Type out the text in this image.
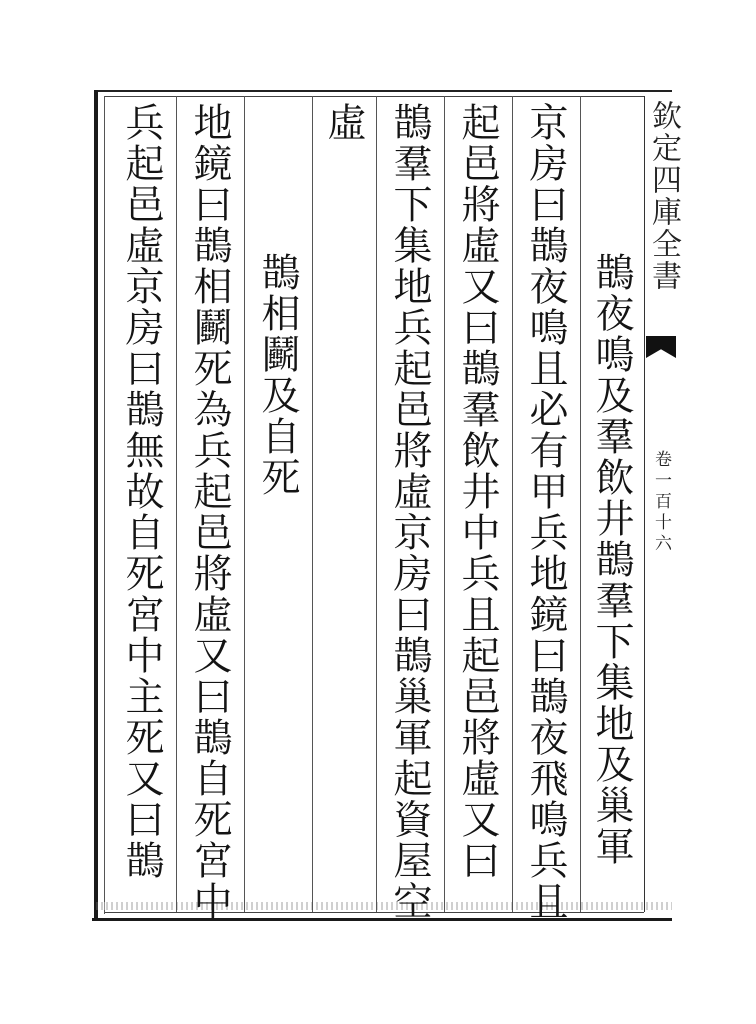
欽定四庫全書
卷一百十六
鵲夜鳴及羣飲井鵲羣下集地及巢軍
京房曰鵲夜鳴且必有甲兵地鏡曰鵲夜飛鳴兵且
起邑將虛又曰鵲羣飲井中兵且起邑將虛又曰
鵲羣下集地兵起邑將虛京房曰鵲巢軍起資屋空
虛
鵲相鬬及自死
地鏡曰鵲相鬬死為兵起邑將虛又曰鵲自死宮中
兵起邑虛京房曰鵲無故自死宮中主死又曰鵲
